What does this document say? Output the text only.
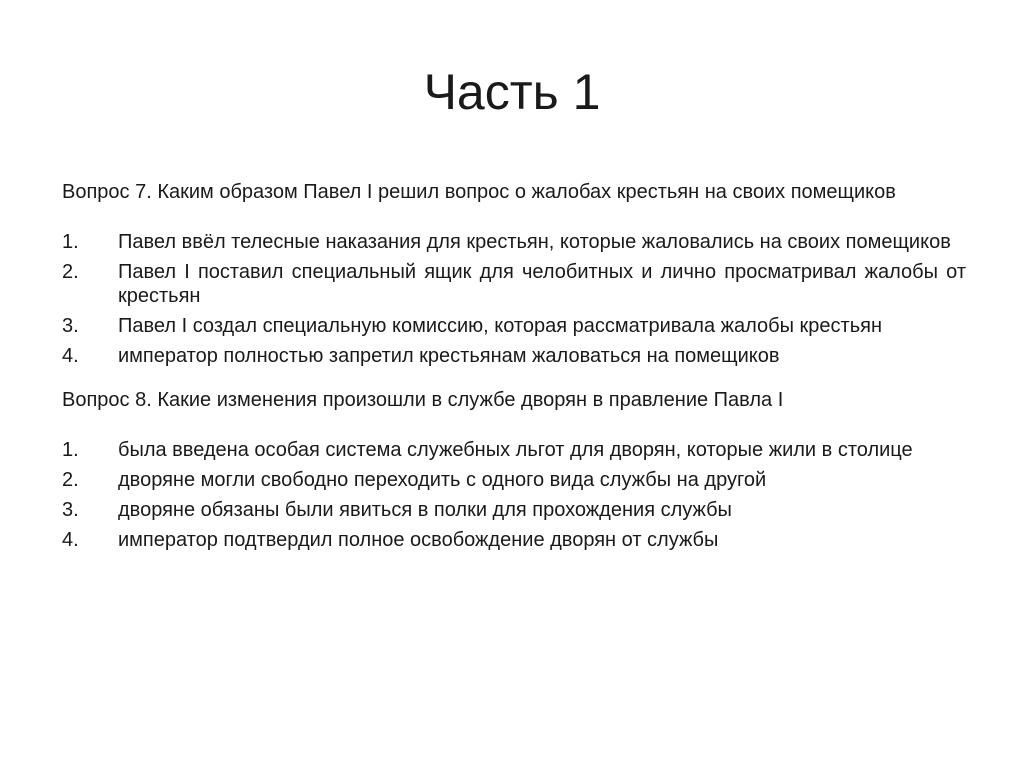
Часть 1

Вопрос 7. Каким образом Павел I решил вопрос о жалобах крестьян на своих помещиков

1.	Павел ввёл телесные наказания для крестьян, которые жаловались на своих помещиков
2.	Павел I поставил специальный ящик для челобитных и лично просматривал жалобы от крестьян
3.	Павел I создал специальную комиссию, которая рассматривала жалобы крестьян
4.	император полностью запретил крестьянам жаловаться на помещиков

Вопрос 8. Какие изменения произошли в службе дворян в правление Павла I

1.	была введена особая система служебных льгот для дворян, которые жили в столице
2.	дворяне могли свободно переходить с одного вида службы на другой
3.	дворяне обязаны были явиться в полки для прохождения службы
4.	император подтвердил полное освобождение дворян от службы
